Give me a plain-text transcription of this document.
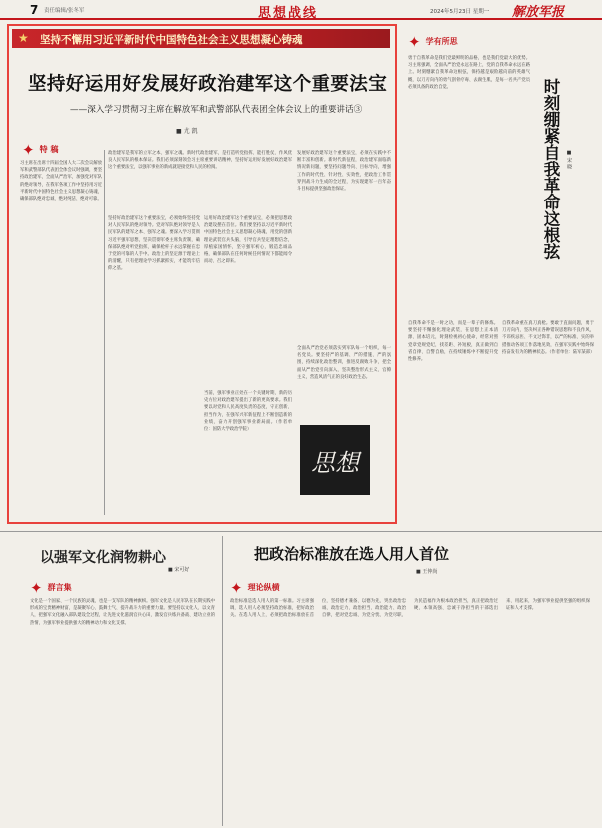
7 责任编辑/张冬军	思想战线	2024年5月23日 星期一 解放军报
★ 坚持不懈用习近平新时代中国特色社会主义思想凝心铸魂
坚持好运用好发展好政治建军这个重要法宝
——深入学习贯彻习主席在解放军和武警部队代表团全体会议上的重要讲话③
■ 尤 凯
✦ 特 稿
习主席在出席十四届全国人大二次会议解放军和武警部队代表团全体会议时强调，要坚持政治建军，全面从严治军，加强党对军队的绝对领导，在我军各项工作中坚持用习近平新时代中国特色社会主义思想凝心铸魂，确保部队绝对忠诚、绝对纯洁、绝对可靠。
政治建军是我军的立军之本、强军之魂。新时代政治建军，是打造听党指挥、能打胜仗、作风优良人民军队的根本保证。我们必须深刻领会习主席重要讲话精神，坚持好运用好发展好政治建军这个重要法宝，以强军事业的新成就迎接党和人民的检阅。
坚持好政治建军这个重要法宝，必须始终坚持党对人民军队的绝对领导。党对军队绝对领导是人民军队的建军之本、强军之魂。要深入学习贯彻习近平强军思想，坚决贯彻军委主席负责制，确保部队绝对听党指挥，确保枪杆子永远掌握在忠于党的可靠的人手中。政治上的坚定源于理论上的清醒，只有把理论学习抓紧抓实，才能筑牢信仰之基。
运用好政治建军这个重要法宝，必须把思想政治建设摆在首位。我们要坚持以习近平新时代中国特色社会主义思想凝心铸魂，用党的创新理论武装官兵头脑，引导官兵坚定理想信念，厚植家国情怀，坚守强军初心，锻造忠诚品格，确保部队在任何时候任何情况下都能闻令而动、召之即来。
发展好政治建军这个重要法宝，必须在实践中不断丰富和创新。新时代新征程，政治建军面临新情况新问题，要坚持问题导向、目标导向，增强工作的时代性、针对性、实效性，把政治工作贯穿到战斗力生成的全过程，为实现建军一百年奋斗目标提供坚强政治保证。
全面从严治党必须落实到军队每一个组织、每一名党员。要坚持严的基调、严的措施、严的氛围，持续深化政治整训，推进反腐败斗争，把全面从严治党引向深入，坚决整治形式主义、官僚主义，营造风清气正的良好政治生态。
当前，强军事业正处在一个关键时期，新的历史方位对政治建军提出了新的更高要求。我们要以对党和人民高度负责的态度，守正创新、担当作为，在强军兴军新征程上不断创造新的业绩，奋力开创强军事业新局面。（作者单位：国防大学政治学院）
思想
✦ 学有所思
勇于自我革命是我们党最鲜明的品格，也是我们党最大的优势。习主席强调，全面从严治党永远在路上，党的自我革命永远在路上。时刻绷紧自我革命这根弦，保持越是艰险越向前的英雄气概，以刀刃向内的勇气刮骨疗毒、去腐生肌，是每一名共产党员必须具备的政治自觉。	时刻绷紧自我革命这根弦 ■ 宋 晓
自我革命不是一时之功，而是一辈子的修炼。要坚持不懈强化理论武装，在思想上正本清源、固本培元，时刻检视初心使命，经常对照党章党规党纪，找差距、补短板，真正做到自省自律、自警自励，在持续锤炼中不断提升党性修养。
自我革命重在真刀真枪。要敢于直面问题，勇于刀刃向内，坚决纠正各种错误思想和不良作风，不讳疾忌医、不文过饰非，以严的标准、实的举措推动各项工作落地见效，在强军实践中始终保持奋发有为的精神状态。（作者单位：陆军某部）
以强军文化润物耕心
■ 宋可好
✦ 群言集
文化是一个国家、一个民族的灵魂，也是一支军队的精神旗帜。强军文化是人民军队在长期实践中形成的宝贵精神财富，是凝聚军心、鼓舞士气、提升战斗力的重要力量。要坚持以文化人、以文育人，把强军文化融入部队建设全过程，让先进文化滋润官兵心田，激发官兵练兵备战、建功立业的热情，为强军事业提供强大的精神动力和文化支撑。
把政治标准放在选人用人首位
■ 王仲尚
✦ 理论纵横
政治标准是选人用人的第一标准。习主席强调，选人用人必须坚持政治标准，把好政治关。在选人用人上，必须把政治标准放在首位，坚持德才兼备、以德为先，突出政治忠诚、政治定力、政治担当、政治能力、政治自律，把对党忠诚、为党分忧、为党尽职、为民造福作为根本政治担当，真正把政治过硬、本领高强、忠诚干净担当的干部选出来、用起来，为强军事业提供坚强的组织保证和人才支撑。
